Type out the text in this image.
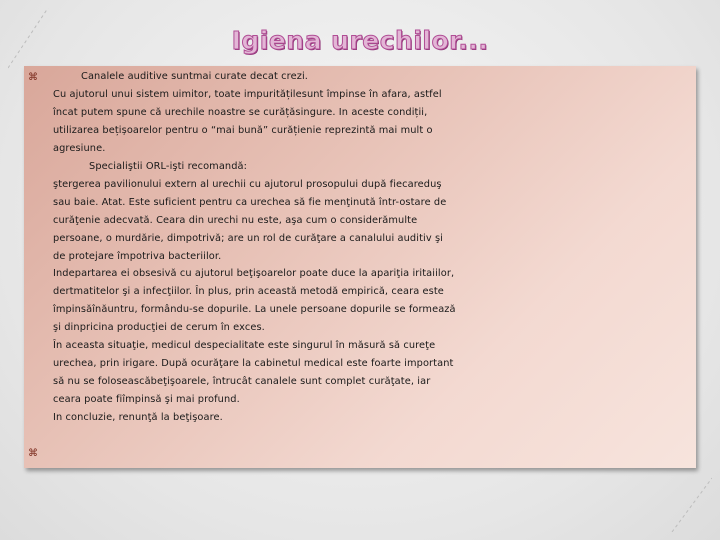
Igiena urechilor...
⌘
⌘

Canalele auditive suntmai curate decat crezi.

Cu ajutorul unui sistem uimitor, toate impuritățilesunt împinse în afara, astfel

încat putem spune că urechile noastre se curățăsingure. In aceste condiții,

utilizarea bețișoarelor pentru o “mai bună” curățienie reprezintă mai mult o

agresiune.

Specialiştii ORL-işti recomandă:

ştergerea pavilionului extern al urechii cu ajutorul prosopului după fiecareduş

sau baie. Atat. Este suficient pentru ca urechea să fie menţinută într-ostare de

curăţenie adecvată. Ceara din urechi nu este, aşa cum o considerămulte

persoane, o murdărie, dimpotrivă; are un rol de curăţare a canalului auditiv şi

de protejare împotriva bacteriilor.

Indepartarea ei obsesivă cu ajutorul beţişoarelor poate duce la apariţia iritaiilor,

dertmatitelor şi a infecţiilor. În plus, prin această metodă empirică, ceara este

împinsăînăuntru, formându-se dopurile. La unele persoane dopurile se formează

şi dinpricina producţiei de cerum în exces.

În aceasta situaţie, medicul despecialitate este singurul în măsură să cureţe

urechea, prin irigare. După ocurăţare la cabinetul medical este foarte important

să nu se foloseascăbeţişoarele, întrucât canalele sunt complet curăţate, iar

ceara poate fiîmpinsă şi mai profund.

In concluzie, renunţă la beţişoare.
